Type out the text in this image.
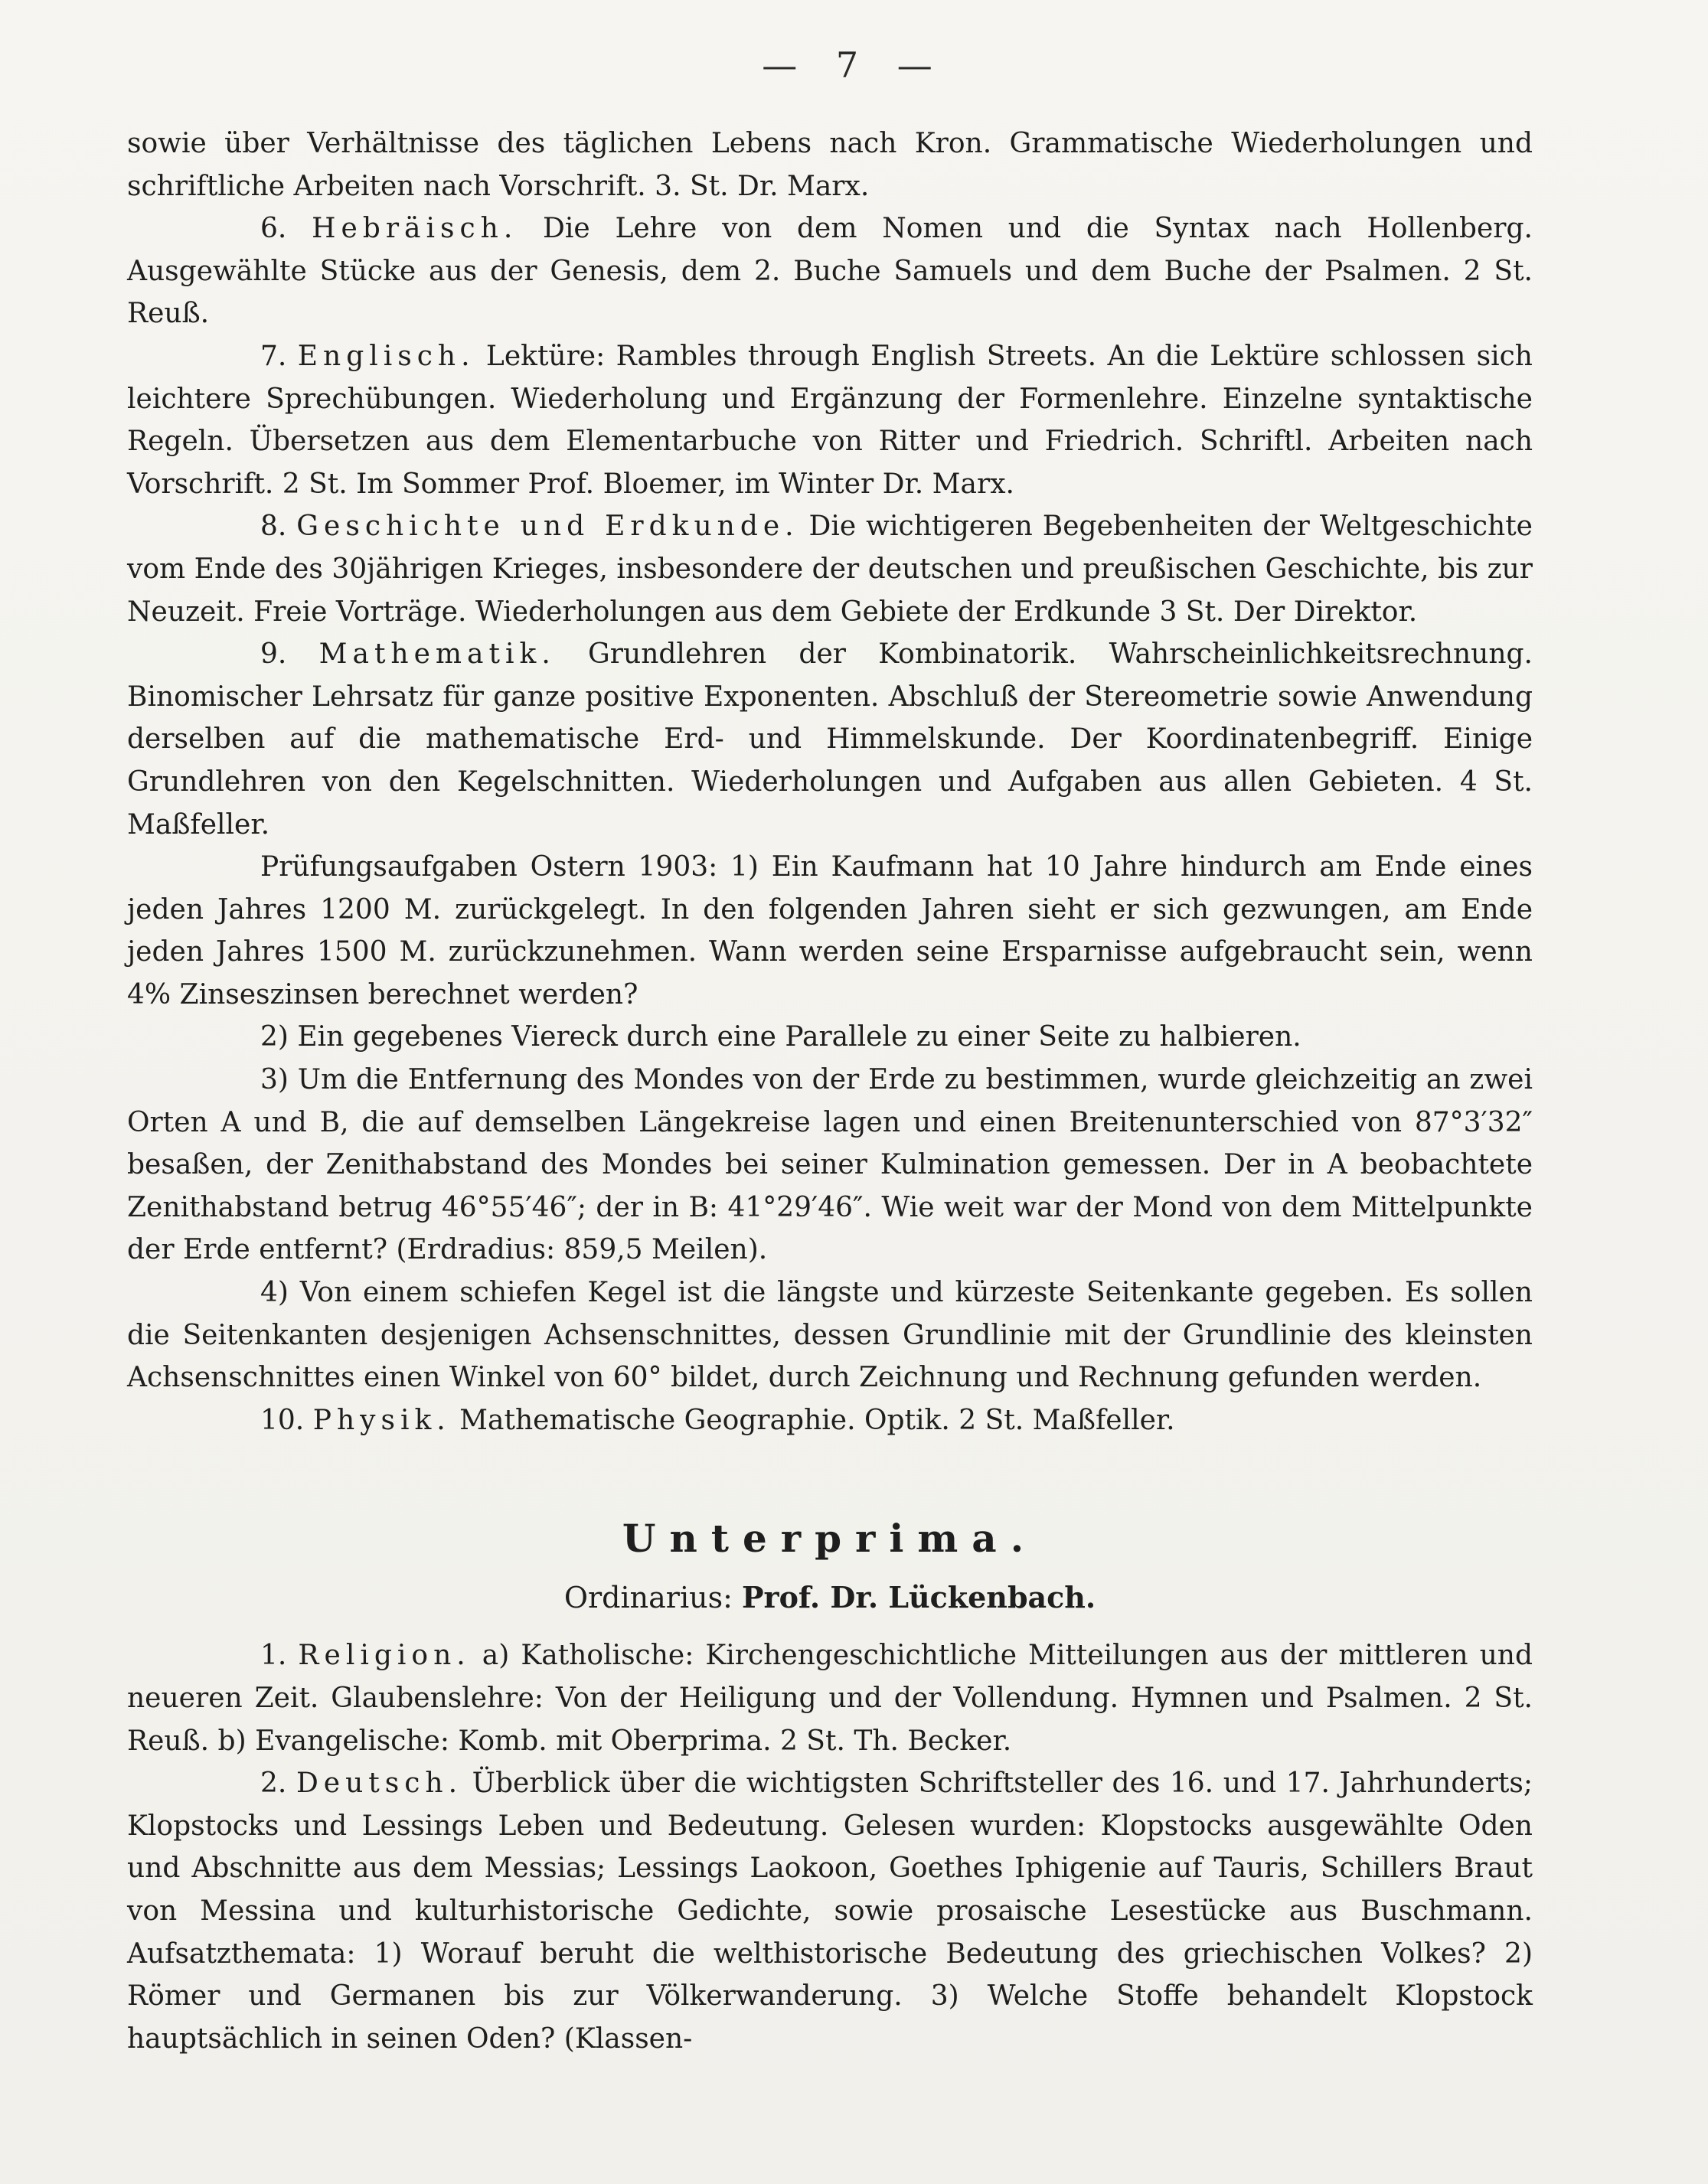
— 7 —

sowie über Verhältnisse des täglichen Lebens nach Kron. Grammatische Wiederholungen und schriftliche Arbeiten nach Vorschrift. 3. St. Dr. Marx.

6. Hebräisch. Die Lehre von dem Nomen und die Syntax nach Hollenberg. Ausgewählte Stücke aus der Genesis, dem 2. Buche Samuels und dem Buche der Psalmen. 2 St. Reuß.

7. Englisch. Lektüre: Rambles through English Streets. An die Lektüre schlossen sich leichtere Sprechübungen. Wiederholung und Ergänzung der Formenlehre. Einzelne syntaktische Regeln. Übersetzen aus dem Elementarbuche von Ritter und Friedrich. Schriftl. Arbeiten nach Vorschrift. 2 St. Im Sommer Prof. Bloemer, im Winter Dr. Marx.

8. Geschichte und Erdkunde. Die wichtigeren Begebenheiten der Weltgeschichte vom Ende des 30jährigen Krieges, insbesondere der deutschen und preußischen Geschichte, bis zur Neuzeit. Freie Vorträge. Wiederholungen aus dem Gebiete der Erdkunde 3 St. Der Direktor.

9. Mathematik. Grundlehren der Kombinatorik. Wahrscheinlichkeitsrechnung. Binomischer Lehrsatz für ganze positive Exponenten. Abschluß der Stereometrie sowie Anwendung derselben auf die mathematische Erd- und Himmelskunde. Der Koordinatenbegriff. Einige Grundlehren von den Kegelschnitten. Wiederholungen und Aufgaben aus allen Gebieten. 4 St. Maßfeller.

Prüfungsaufgaben Ostern 1903: 1) Ein Kaufmann hat 10 Jahre hindurch am Ende eines jeden Jahres 1200 M. zurückgelegt. In den folgenden Jahren sieht er sich gezwungen, am Ende jeden Jahres 1500 M. zurückzunehmen. Wann werden seine Ersparnisse aufgebraucht sein, wenn 4% Zinseszinsen berechnet werden?

2) Ein gegebenes Viereck durch eine Parallele zu einer Seite zu halbieren.

3) Um die Entfernung des Mondes von der Erde zu bestimmen, wurde gleichzeitig an zwei Orten A und B, die auf demselben Längekreise lagen und einen Breitenunterschied von 87°3′32″ besaßen, der Zenithabstand des Mondes bei seiner Kulmination gemessen. Der in A beobachtete Zenithabstand betrug 46°55′46″; der in B: 41°29′46″. Wie weit war der Mond von dem Mittelpunkte der Erde entfernt? (Erdradius: 859,5 Meilen).

4) Von einem schiefen Kegel ist die längste und kürzeste Seitenkante gegeben. Es sollen die Seitenkanten desjenigen Achsenschnittes, dessen Grundlinie mit der Grundlinie des kleinsten Achsenschnittes einen Winkel von 60° bildet, durch Zeichnung und Rechnung gefunden werden.

10. Physik. Mathematische Geographie. Optik. 2 St. Maßfeller.

Unterprima.
Ordinarius: Prof. Dr. Lückenbach.

1. Religion. a) Katholische: Kirchengeschichtliche Mitteilungen aus der mittleren und neueren Zeit. Glaubenslehre: Von der Heiligung und der Vollendung. Hymnen und Psalmen. 2 St. Reuß. b) Evangelische: Komb. mit Oberprima. 2 St. Th. Becker.

2. Deutsch. Überblick über die wichtigsten Schriftsteller des 16. und 17. Jahrhunderts; Klopstocks und Lessings Leben und Bedeutung. Gelesen wurden: Klopstocks ausgewählte Oden und Abschnitte aus dem Messias; Lessings Laokoon, Goethes Iphigenie auf Tauris, Schillers Braut von Messina und kulturhistorische Gedichte, sowie prosaische Lesestücke aus Buschmann. Aufsatzthemata: 1) Worauf beruht die welthistorische Bedeutung des griechischen Volkes? 2) Römer und Germanen bis zur Völkerwanderung. 3) Welche Stoffe behandelt Klopstock hauptsächlich in seinen Oden? (Klassen-
